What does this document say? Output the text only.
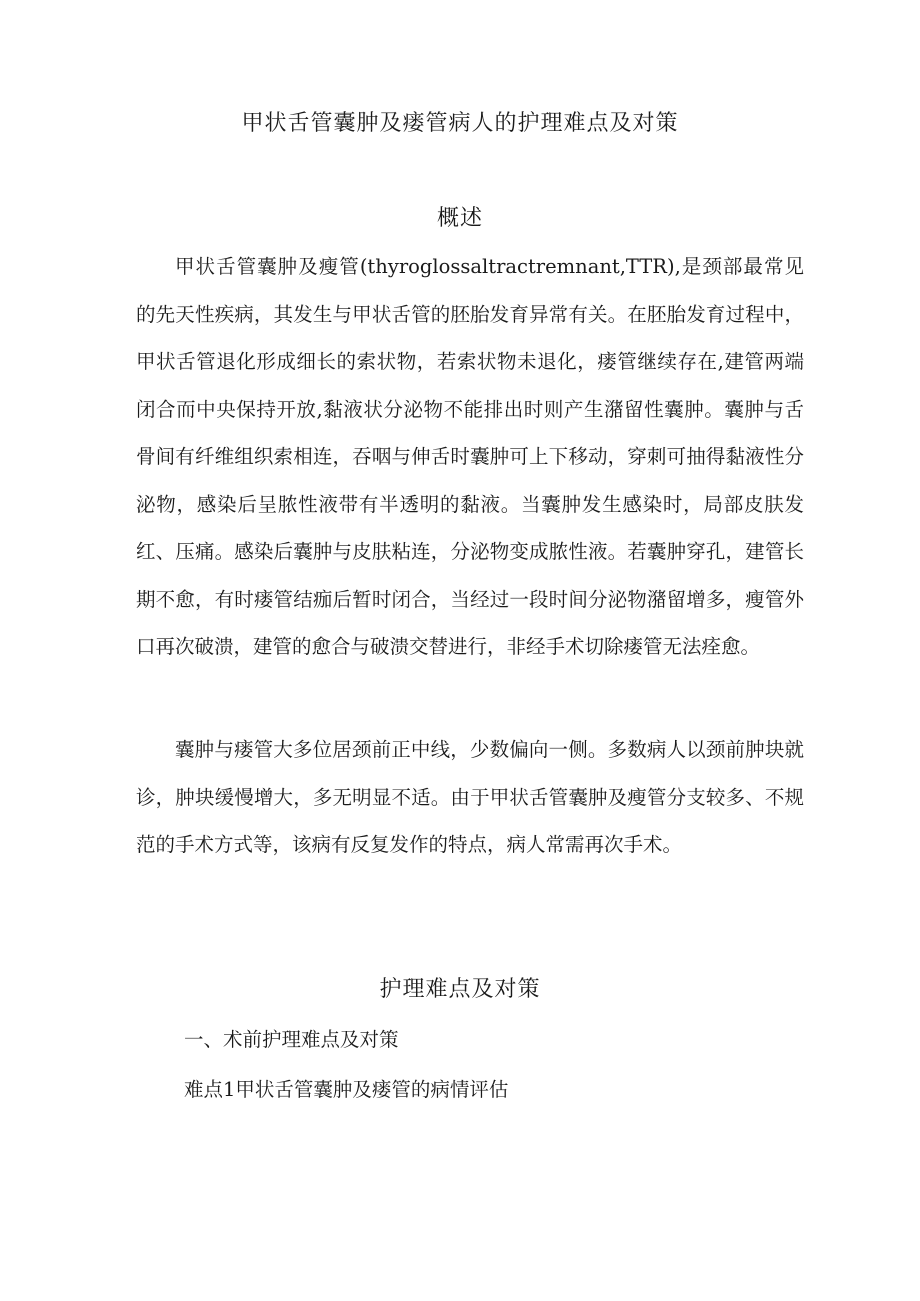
甲状舌管囊肿及瘘管病人的护理难点及对策
概述

甲状舌管囊肿及瘦管(thyroglossaltractremnant,TTR),是颈部最常见的先天性疾病，其发生与甲状舌管的胚胎发育异常有关。在胚胎发育过程中，甲状舌管退化形成细长的索状物，若索状物未退化，瘘管继续存在,建管两端闭合而中央保持开放,黏液状分泌物不能排出时则产生潴留性囊肿。囊肿与舌骨间有纤维组织索相连，吞咽与伸舌时囊肿可上下移动，穿刺可抽得黏液性分泌物，感染后呈脓性液带有半透明的黏液。当囊肿发生感染时，局部皮肤发红、压痛。感染后囊肿与皮肤粘连，分泌物变成脓性液。若囊肿穿孔，建管长期不愈，有时瘘管结痂后暂时闭合，当经过一段时间分泌物潴留增多，瘦管外口再次破溃，建管的愈合与破溃交替进行，非经手术切除瘘管无法痊愈。

囊肿与瘘管大多位居颈前正中线，少数偏向一侧。多数病人以颈前肿块就诊，肿块缓慢增大，多无明显不适。由于甲状舌管囊肿及瘦管分支较多、不规范的手术方式等，该病有反复发作的特点，病人常需再次手术。

护理难点及对策
一、术前护理难点及对策
难点1甲状舌管囊肿及瘘管的病情评估
